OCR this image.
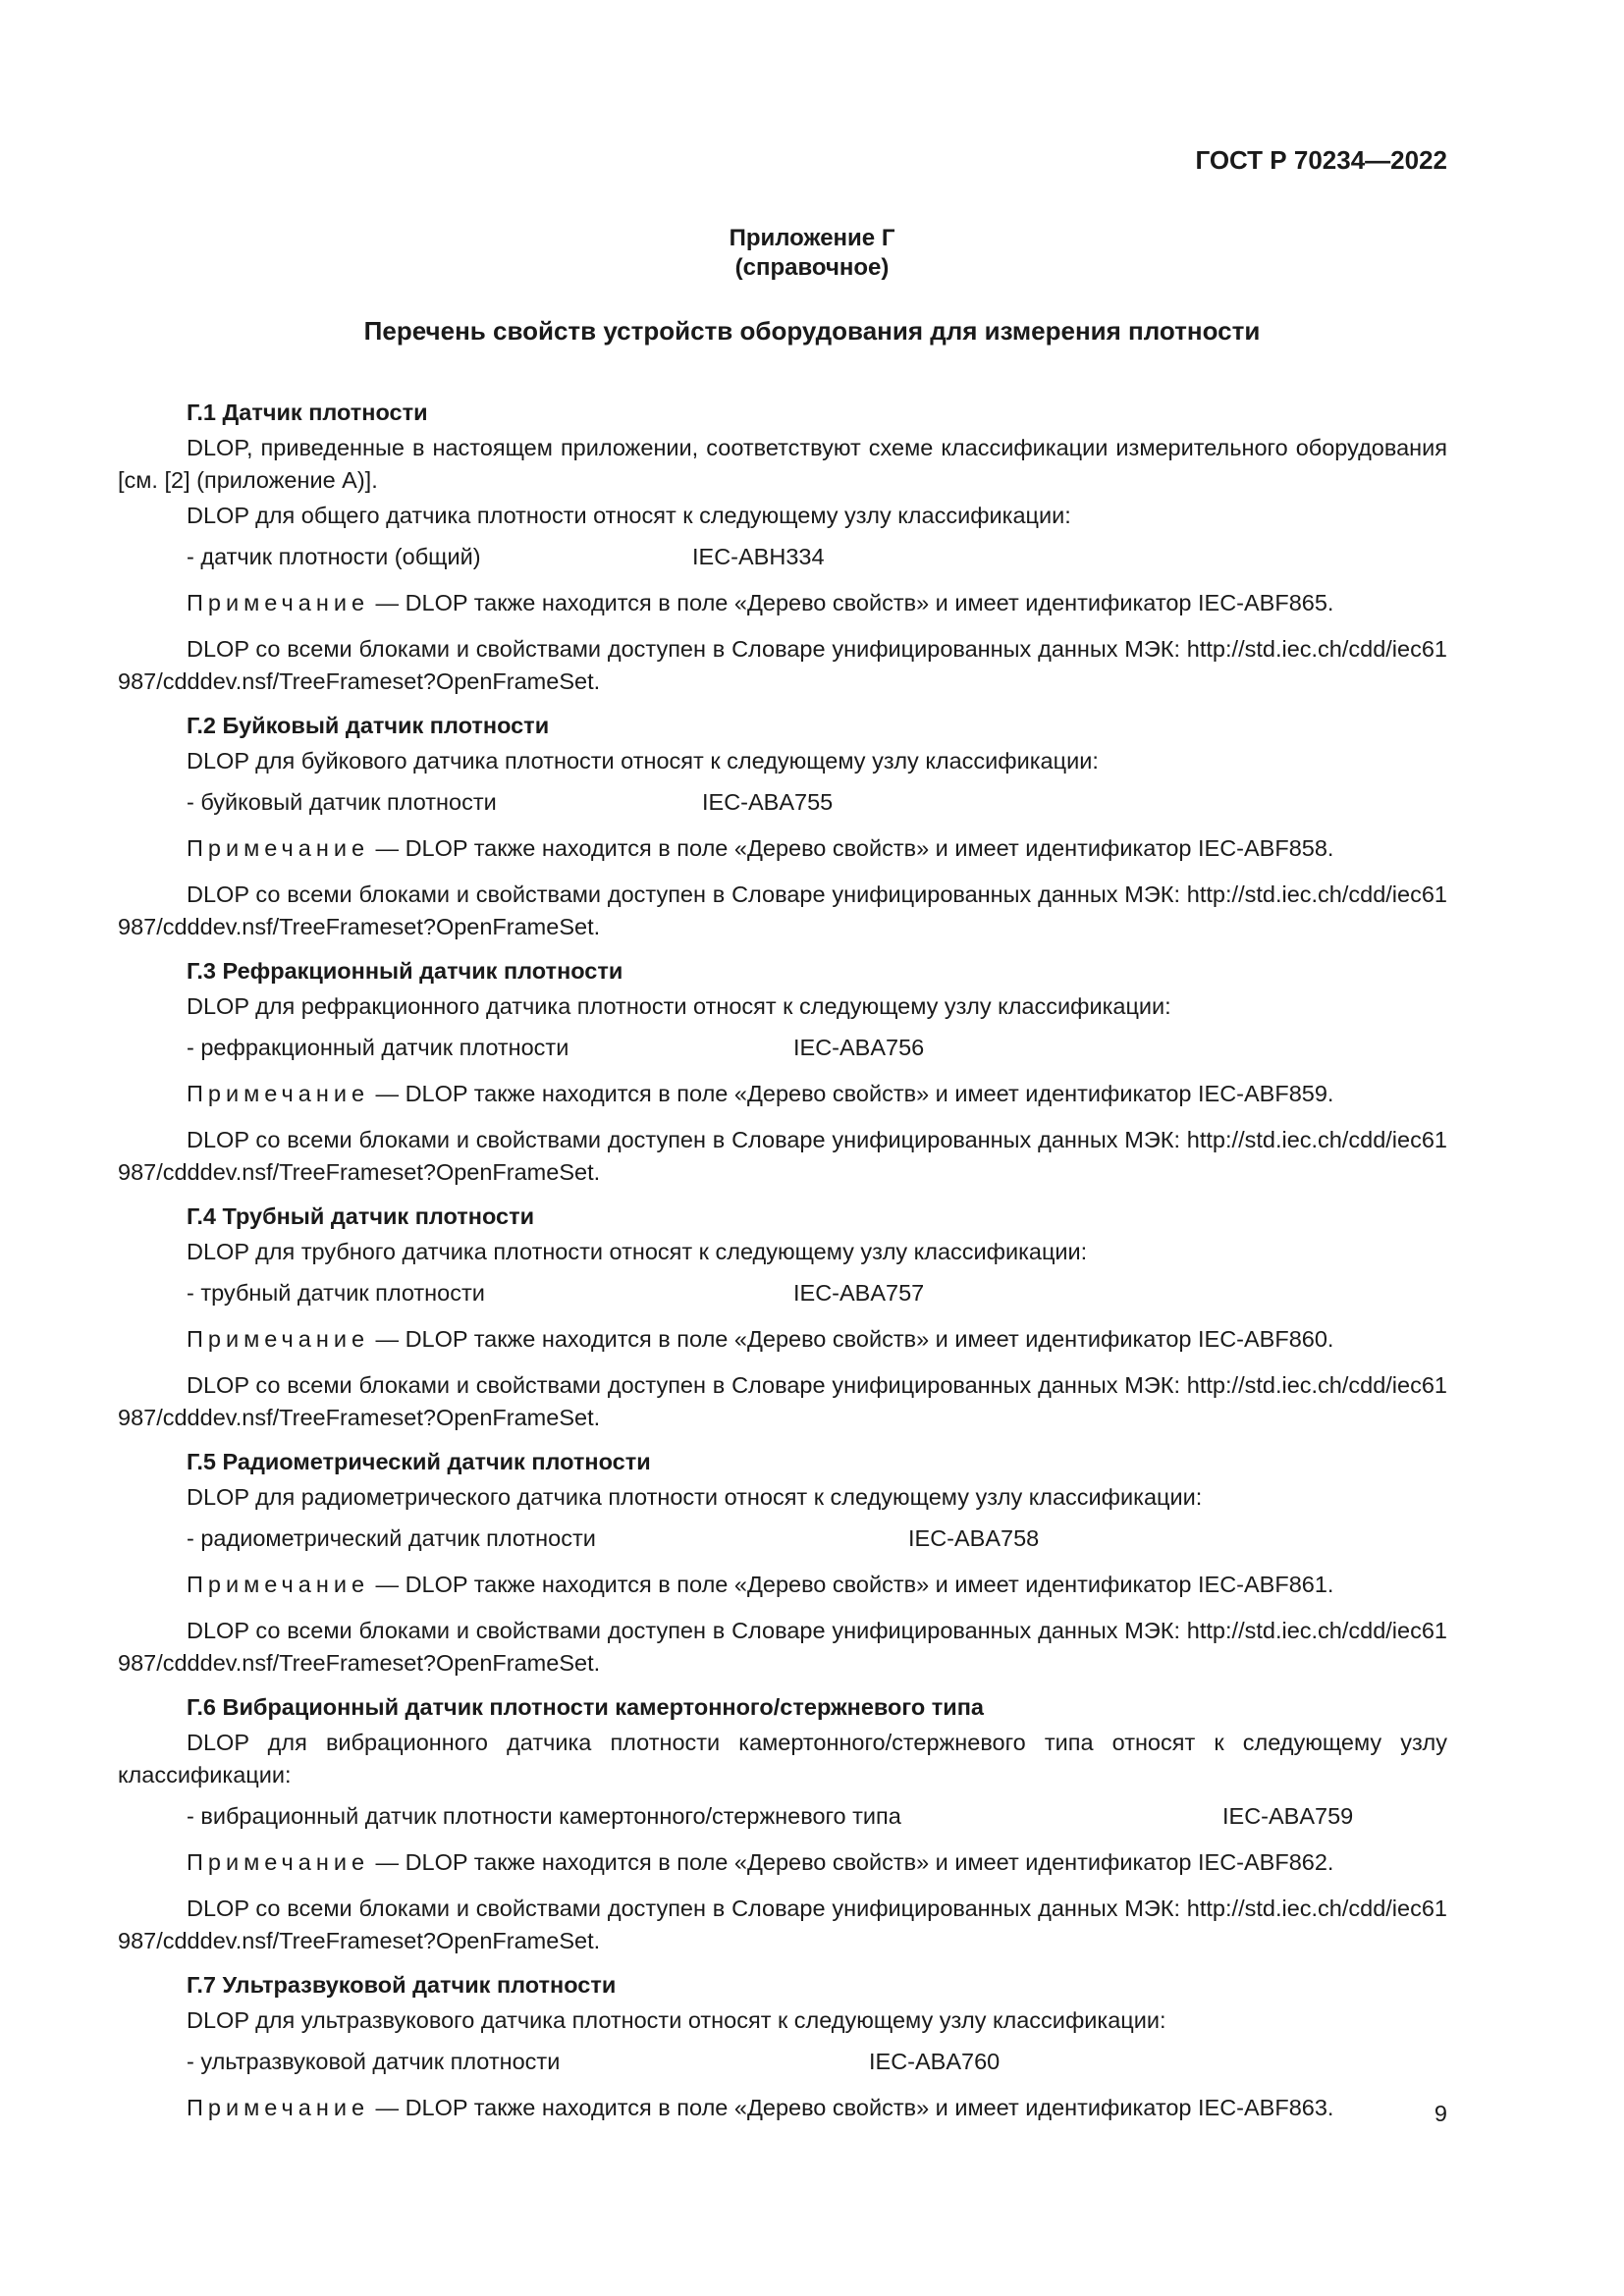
ГОСТ Р 70234—2022
Приложение Г
(справочное)
Перечень свойств устройств оборудования для измерения плотности

Г.1 Датчик плотности

DLOP, приведенные в настоящем приложении, соответствуют схеме классификации измерительного оборудования [см. [2] (приложение А)].

DLOP для общего датчика плотности относят к следующему узлу классификации:

- датчик плотности (общий)	IEC-ABH334

Примечание — DLOP также находится в поле «Дерево свойств» и имеет идентификатор IEC-ABF865.

DLOP со всеми блоками и свойствами доступен в Словаре унифицированных данных МЭК: http://std.iec.ch/cdd/iec61987/cdddev.nsf/TreeFrameset?OpenFrameSet.

Г.2 Буйковый датчик плотности

DLOP для буйкового датчика плотности относят к следующему узлу классификации:

- буйковый датчик плотности	IEC-ABA755

Примечание — DLOP также находится в поле «Дерево свойств» и имеет идентификатор IEC-ABF858.

DLOP со всеми блоками и свойствами доступен в Словаре унифицированных данных МЭК: http://std.iec.ch/cdd/iec61987/cdddev.nsf/TreeFrameset?OpenFrameSet.

Г.3 Рефракционный датчик плотности

DLOP для рефракционного датчика плотности относят к следующему узлу классификации:

- рефракционный датчик плотности	IEC-ABA756

Примечание — DLOP также находится в поле «Дерево свойств» и имеет идентификатор IEC-ABF859.

DLOP со всеми блоками и свойствами доступен в Словаре унифицированных данных МЭК: http://std.iec.ch/cdd/iec61987/cdddev.nsf/TreeFrameset?OpenFrameSet.

Г.4 Трубный датчик плотности

DLOP для трубного датчика плотности относят к следующему узлу классификации:

- трубный датчик плотности	IEC-ABA757

Примечание — DLOP также находится в поле «Дерево свойств» и имеет идентификатор IEC-ABF860.

DLOP со всеми блоками и свойствами доступен в Словаре унифицированных данных МЭК: http://std.iec.ch/cdd/iec61987/cdddev.nsf/TreeFrameset?OpenFrameSet.

Г.5 Радиометрический датчик плотности

DLOP для радиометрического датчика плотности относят к следующему узлу классификации:

- радиометрический датчик плотности	IEC-ABA758

Примечание — DLOP также находится в поле «Дерево свойств» и имеет идентификатор IEC-ABF861.

DLOP со всеми блоками и свойствами доступен в Словаре унифицированных данных МЭК: http://std.iec.ch/cdd/iec61987/cdddev.nsf/TreeFrameset?OpenFrameSet.

Г.6 Вибрационный датчик плотности камертонного/стержневого типа

DLOP для вибрационного датчика плотности камертонного/стержневого типа относят к следующему узлу классификации:

- вибрационный датчик плотности камертонного/стержневого типа	IEC-ABA759

Примечание — DLOP также находится в поле «Дерево свойств» и имеет идентификатор IEC-ABF862.

DLOP со всеми блоками и свойствами доступен в Словаре унифицированных данных МЭК: http://std.iec.ch/cdd/iec61987/cdddev.nsf/TreeFrameset?OpenFrameSet.

Г.7 Ультразвуковой датчик плотности

DLOP для ультразвукового датчика плотности относят к следующему узлу классификации:

- ультразвуковой датчик плотности	IEC-ABA760

Примечание — DLOP также находится в поле «Дерево свойств» и имеет идентификатор IEC-ABF863.	9
